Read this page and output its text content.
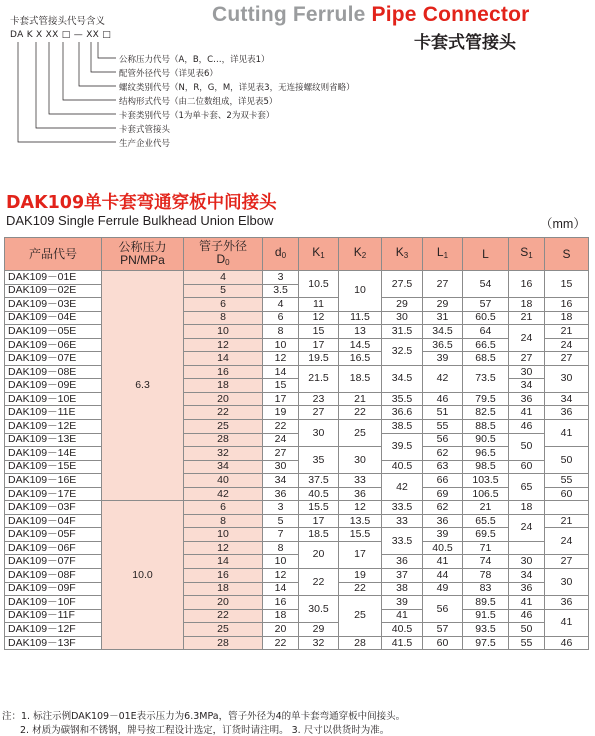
Cutting Ferrule Pipe Connector
卡套式管接头
卡套式管接头代号含义
DA K X XX □ — XX □
公称压力代号（A，B，C…，详见表1）
配管外径代号（详见表6）
螺纹类别代号（N，R，G，M，详见表3，无连接螺纹则省略）
结构形式代号（由二位数组成，详见表5）
卡套类别代号（1为单卡套、2为双卡套）
卡套式管接头
生产企业代号
DAK109单卡套弯通穿板中间接头
DAK109 Single Ferrule Bulkhead Union Elbow	（mm）
产品代号	公称压力
PN/MPa	管子外径
$D_0$	$d_0$	$K_1$	$K_2$	$K_3$	$L_1$	L	$S_1$	S
DAK109－01E	6.3	4	3	10.5	10	27.5	27	54	16	15
DAK109－02E		5	3.5							
DAK109－03E		6	4	11		29	29	57	18	16
DAK109－04E		8	6	12	11.5	30	31	60.5	21	18
DAK109－05E		10	8	15	13	31.5	34.5	64	24	21
DAK109－06E		12	10	17	14.5	32.5	36.5	66.5		24
DAK109－07E		14	12	19.5	16.5		39	68.5	27	27
DAK109－08E		16	14	21.5	18.5	34.5	42	73.5	30	30
DAK109－09E		18	15						34	
DAK109－10E		20	17	23	21	35.5	46	79.5	36	34
DAK109－11E		22	19	27	22	36.6	51	82.5	41	36
DAK109－12E		25	22	30	25	38.5	55	88.5	46	41
DAK109－13E		28	24			39.5	56	90.5	50	
DAK109－14E		32	27	35	30		62	96.5		50
DAK109－15E		34	30			40.5	63	98.5	60	
DAK109－16E		40	34	37.5	33	42	66	103.5	65	55
DAK109－17E		42	36	40.5	36		69	106.5		60
DAK109－03F	10.0	6	3	15.5	12	33.5	62	21	18	
DAK109－04F		8	5	17	13.5	33	36	65.5	24	21
DAK109－05F		10	7	18.5	15.5	33.5	39	69.5		24
DAK109－06F		12	8	20	17		40.5	71		
DAK109－07F		14	10			36	41	74	30	27
DAK109－08F		16	12	22	19	37	44	78	34	30
DAK109－09F		18	14		22	38	49	83	36	
DAK109－10F		20	16	30.5	25	39	56	89.5	41	36
DAK109－11F		22	18			41		91.5	46	41
DAK109－12F		25	20	29		40.5	57	93.5	50	
DAK109－13F		28	22	32	28	41.5	60	97.5	55	46
注：1. 标注示例DAK109－01E表示压力为6.3MPa，管子外径为4的单卡套弯通穿板中间接头。
2. 材质为碳钢和不锈钢，牌号按工程设计选定，订货时请注明。 3. 尺寸以供货时为准。
